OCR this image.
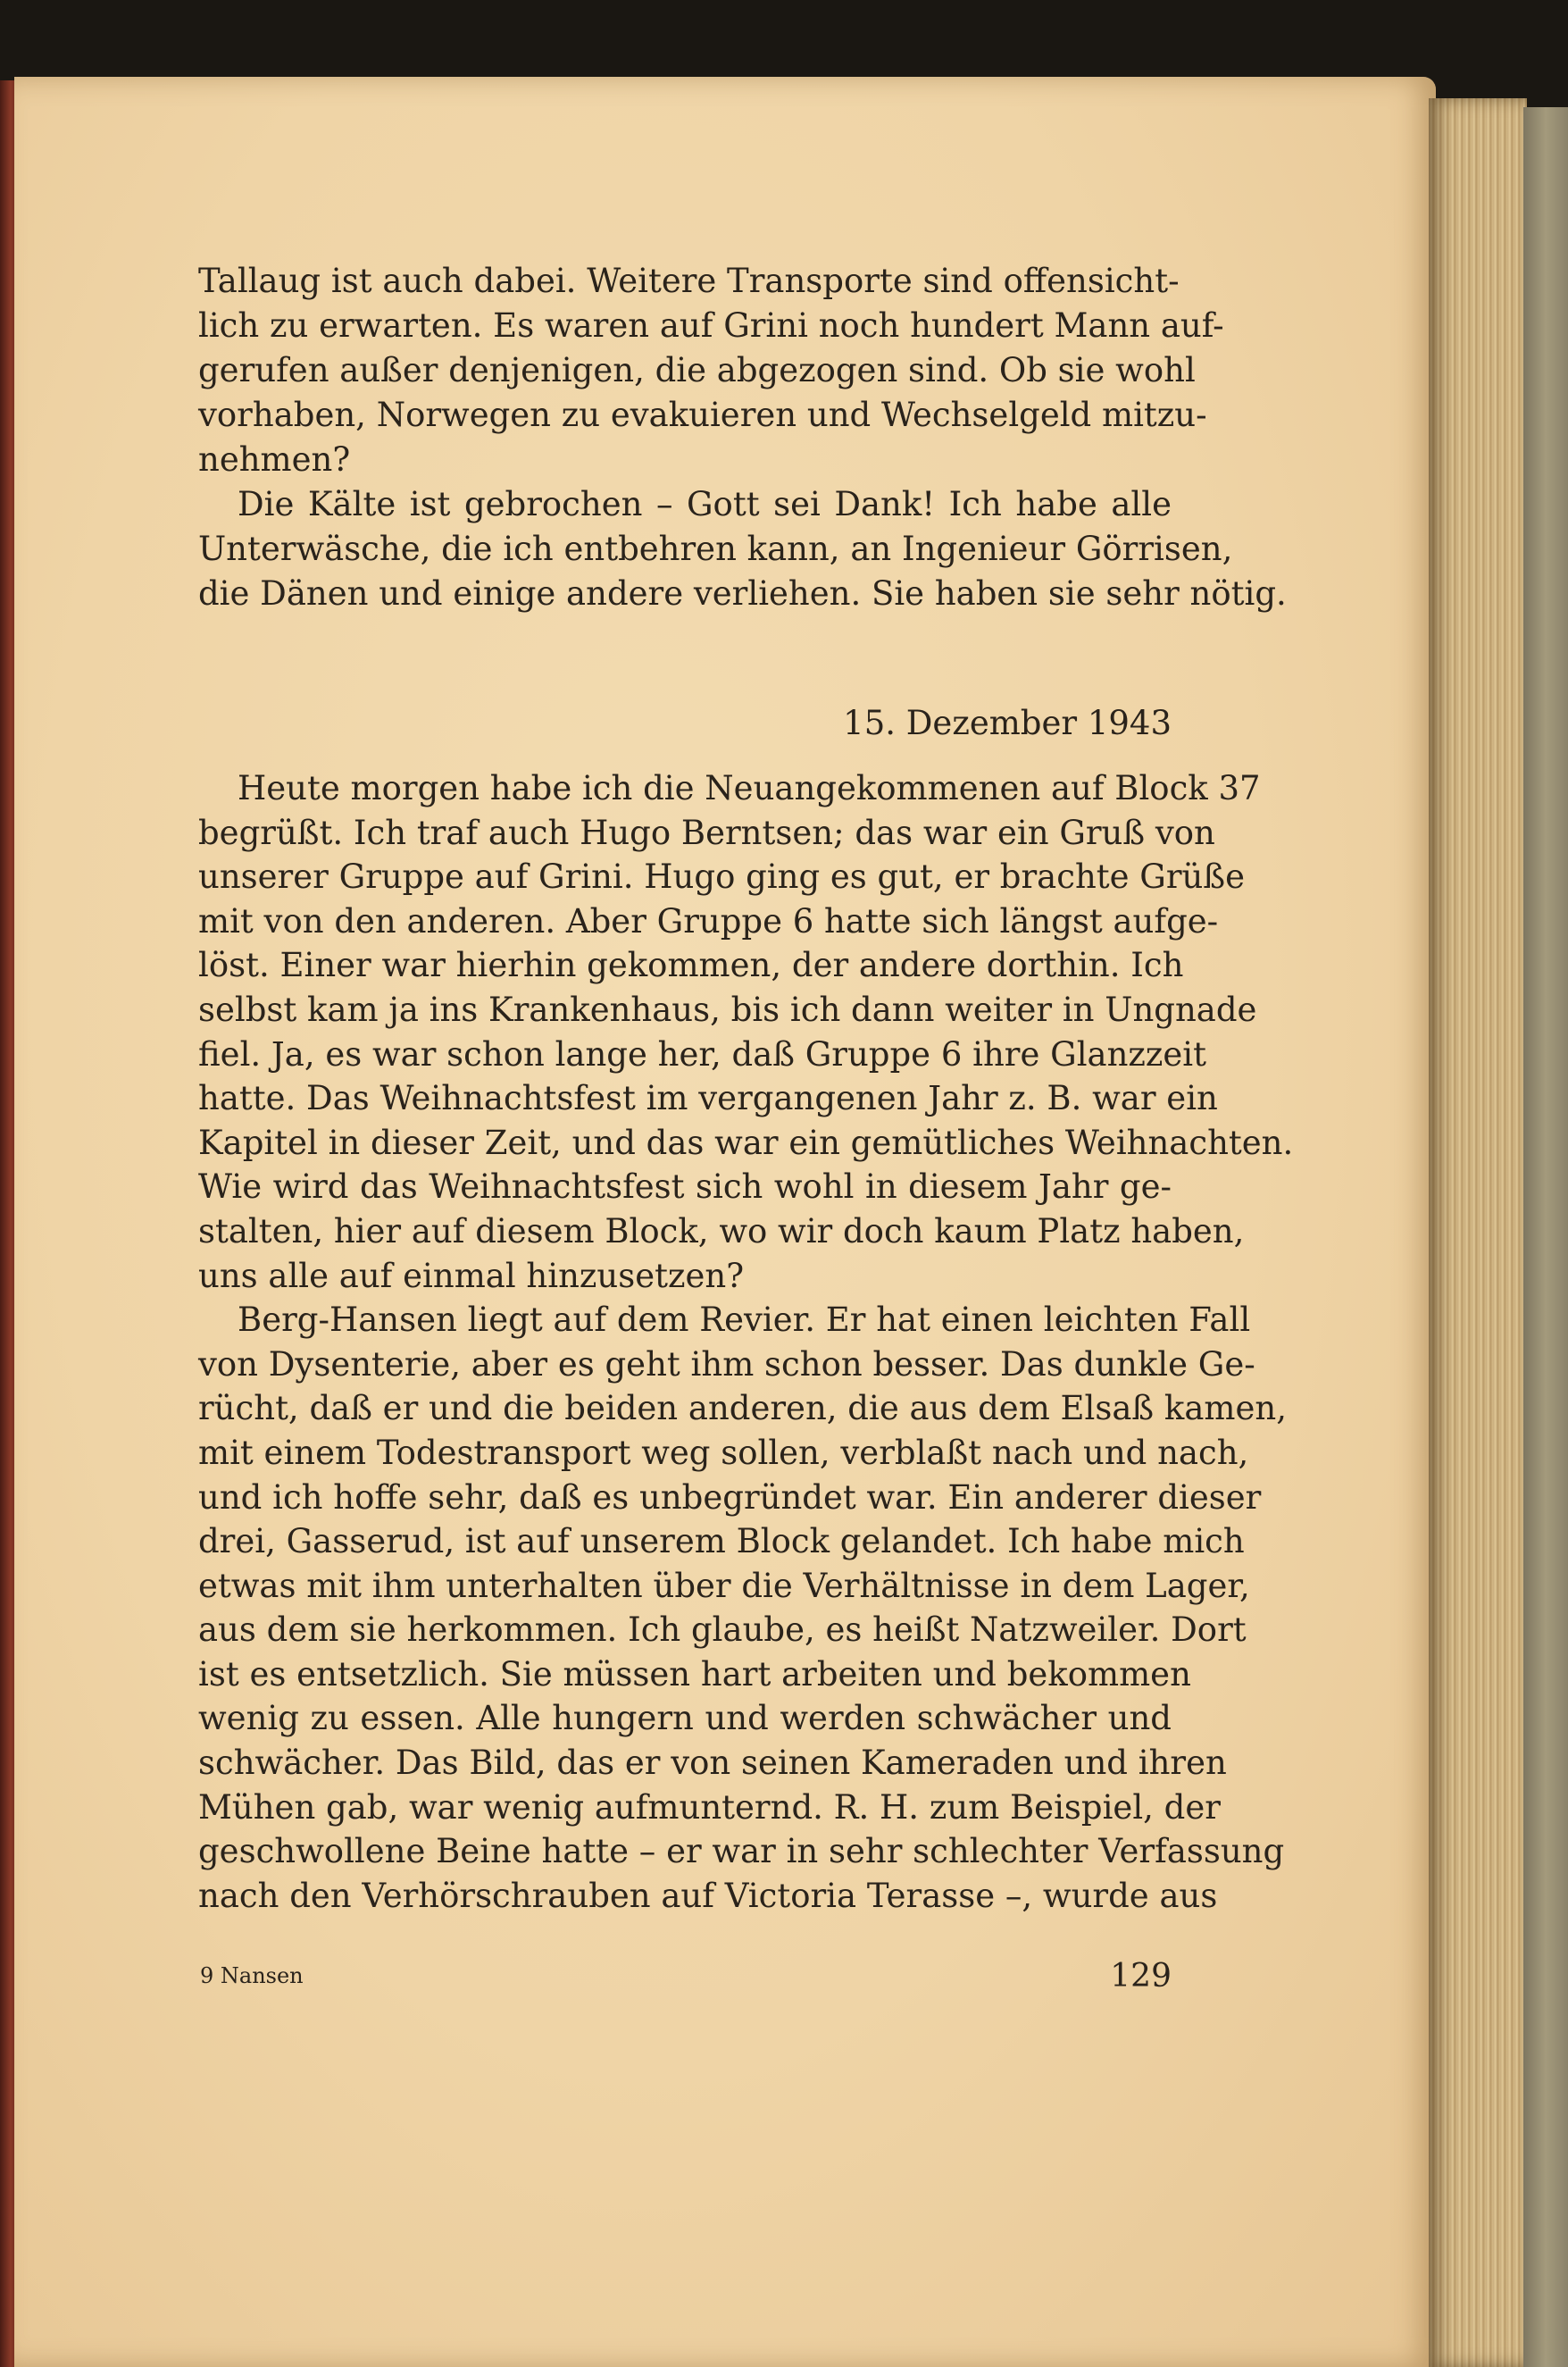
Tallaug ist auch dabei. Weitere Transporte sind offensicht-
lich zu erwarten. Es waren auf Grini noch hundert Mann auf-
gerufen außer denjenigen, die abgezogen sind. Ob sie wohl
vorhaben, Norwegen zu evakuieren und Wechselgeld mitzu-
nehmen?
Die Kälte ist gebrochen – Gott sei Dank! Ich habe alle
Unterwäsche, die ich entbehren kann, an Ingenieur Görrisen,
die Dänen und einige andere verliehen. Sie haben sie sehr nötig.
15. Dezember 1943
Heute morgen habe ich die Neuangekommenen auf Block 37
begrüßt. Ich traf auch Hugo Berntsen; das war ein Gruß von
unserer Gruppe auf Grini. Hugo ging es gut, er brachte Grüße
mit von den anderen. Aber Gruppe 6 hatte sich längst aufge-
löst. Einer war hierhin gekommen, der andere dorthin. Ich
selbst kam ja ins Krankenhaus, bis ich dann weiter in Ungnade
fiel. Ja, es war schon lange her, daß Gruppe 6 ihre Glanzzeit
hatte. Das Weihnachtsfest im vergangenen Jahr z. B. war ein
Kapitel in dieser Zeit, und das war ein gemütliches Weihnachten.
Wie wird das Weihnachtsfest sich wohl in diesem Jahr ge-
stalten, hier auf diesem Block, wo wir doch kaum Platz haben,
uns alle auf einmal hinzusetzen?
Berg-Hansen liegt auf dem Revier. Er hat einen leichten Fall
von Dysenterie, aber es geht ihm schon besser. Das dunkle Ge-
rücht, daß er und die beiden anderen, die aus dem Elsaß kamen,
mit einem Todestransport weg sollen, verblaßt nach und nach,
und ich hoffe sehr, daß es unbegründet war. Ein anderer dieser
drei, Gasserud, ist auf unserem Block gelandet. Ich habe mich
etwas mit ihm unterhalten über die Verhältnisse in dem Lager,
aus dem sie herkommen. Ich glaube, es heißt Natzweiler. Dort
ist es entsetzlich. Sie müssen hart arbeiten und bekommen
wenig zu essen. Alle hungern und werden schwächer und
schwächer. Das Bild, das er von seinen Kameraden und ihren
Mühen gab, war wenig aufmunternd. R. H. zum Beispiel, der
geschwollene Beine hatte – er war in sehr schlechter Verfassung
nach den Verhörschrauben auf Victoria Terasse –, wurde aus
9 Nansen	129
